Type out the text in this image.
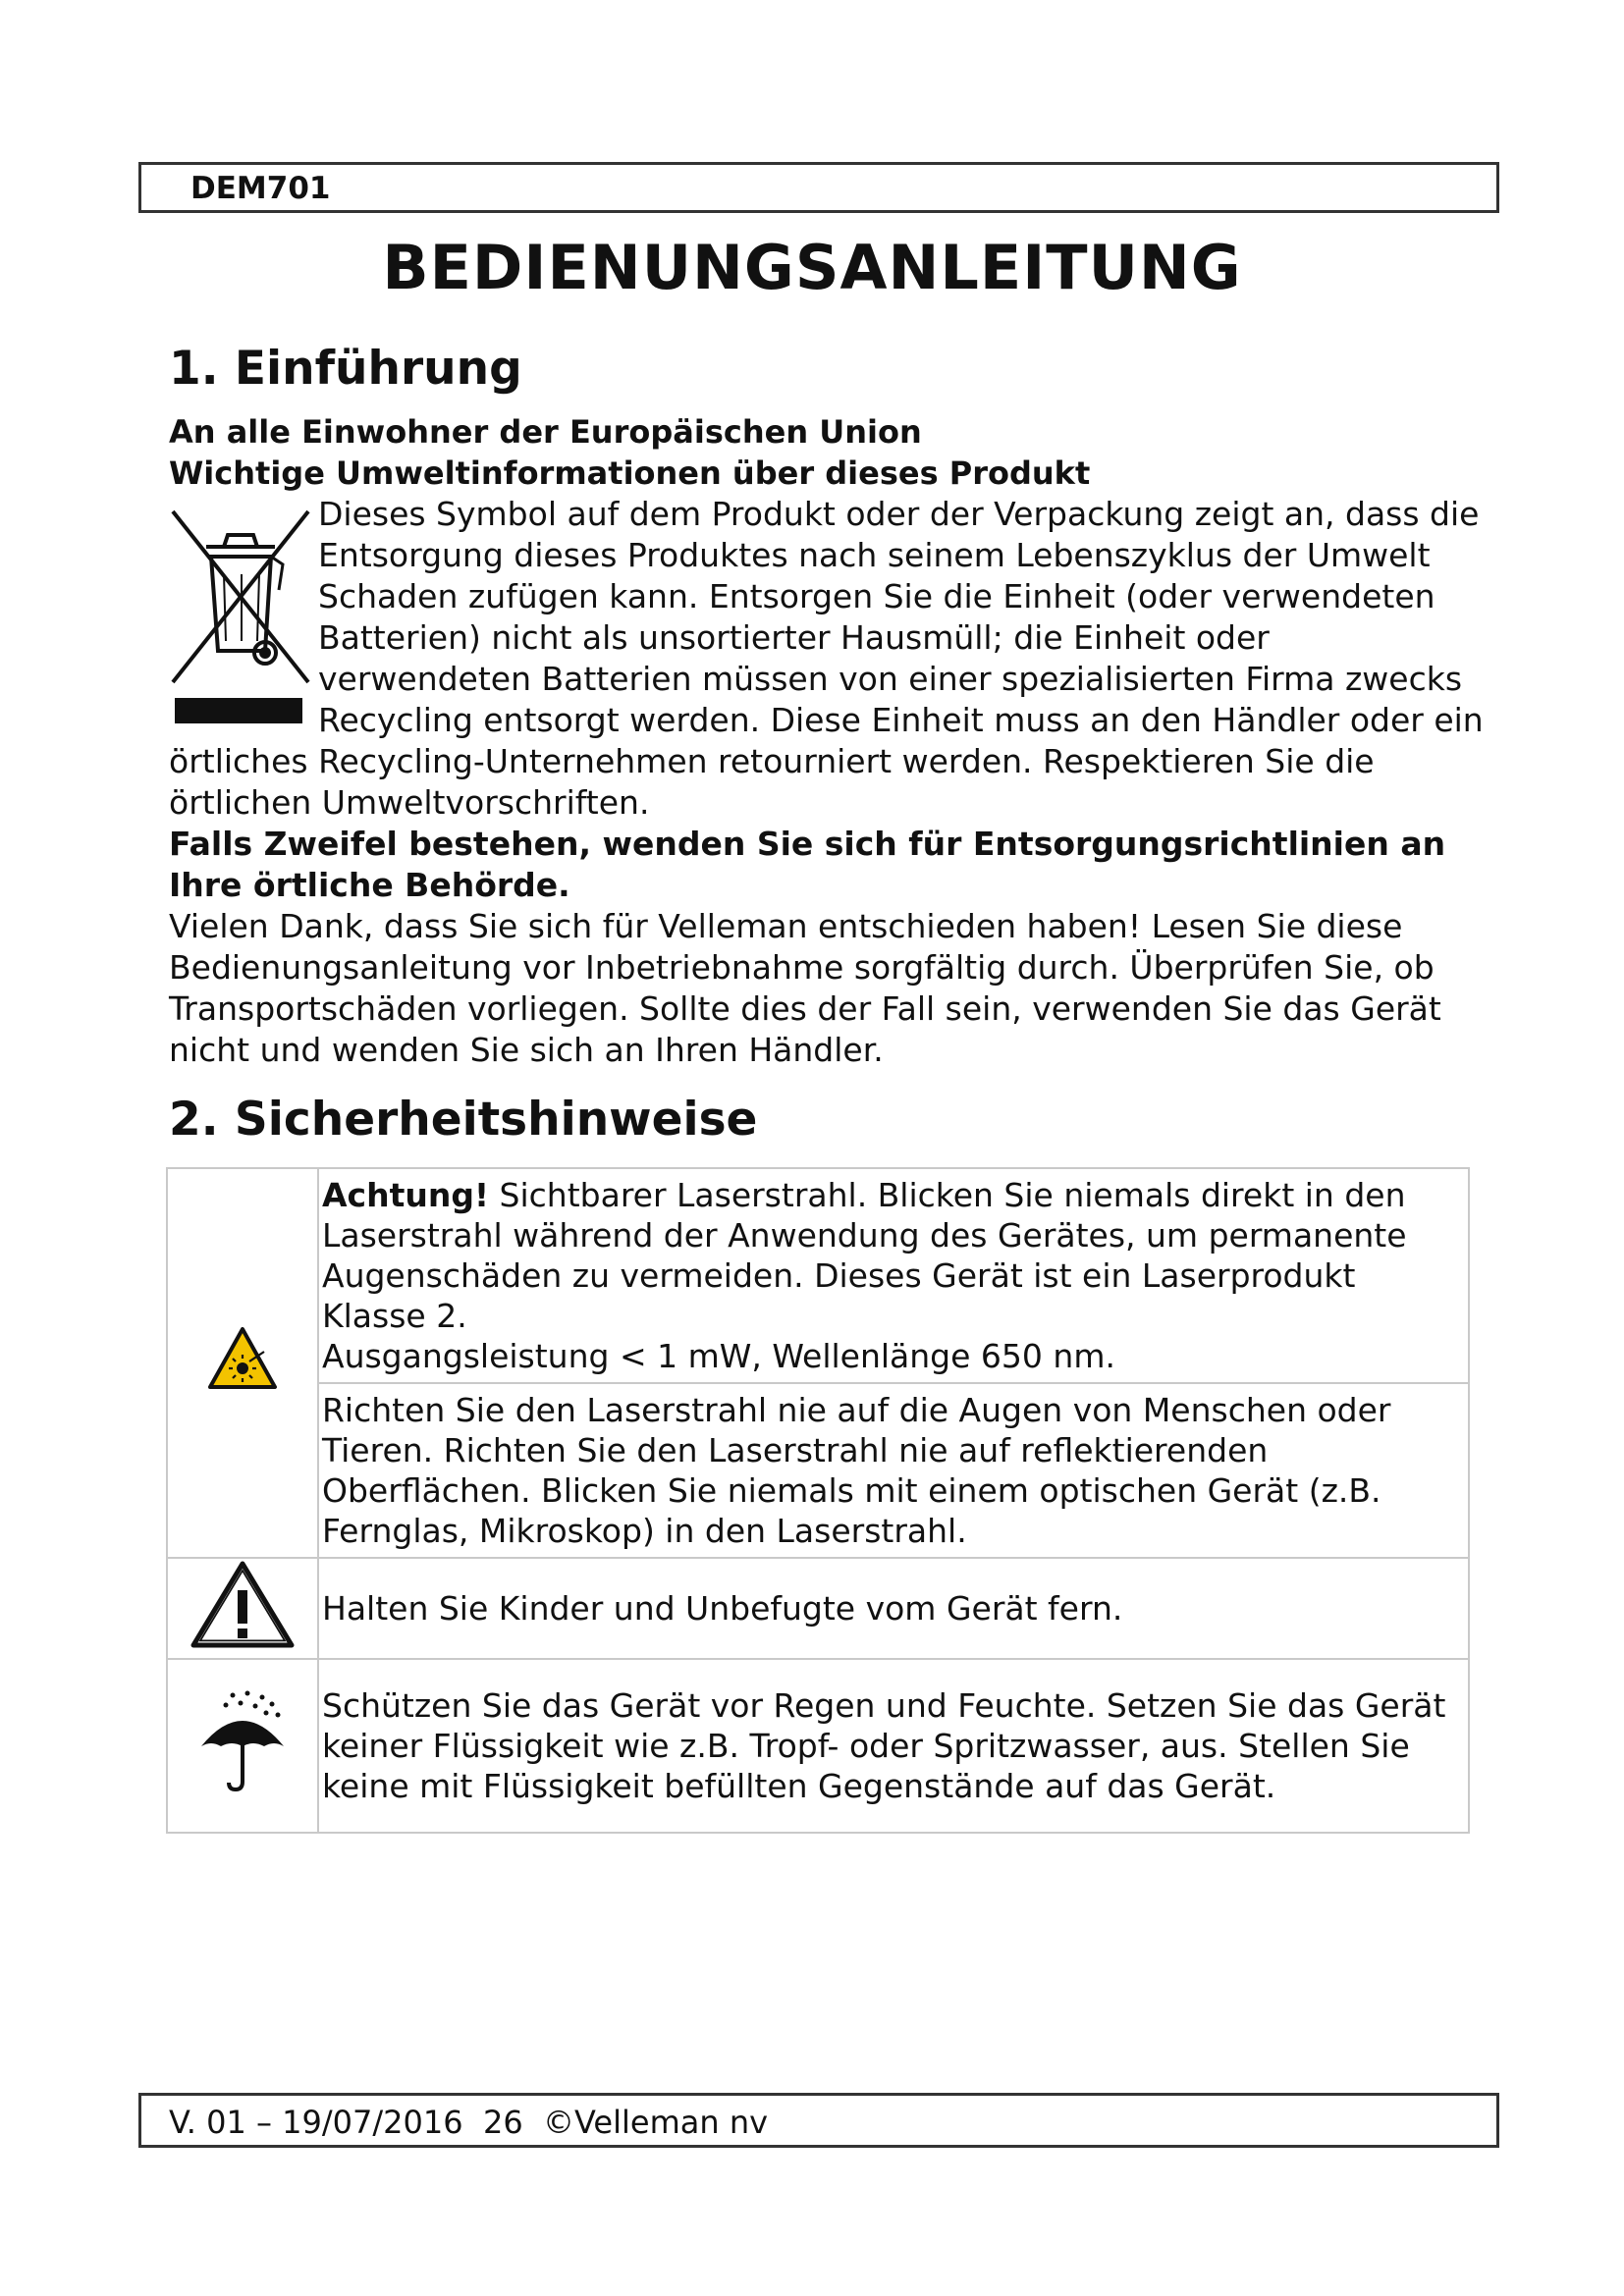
DEM701
BEDIENUNGSANLEITUNG
1. Einführung
An alle Einwohner der Europäischen Union
Wichtige Umweltinformationen über dieses Produkt

Dieses Symbol auf dem Produkt oder der Verpackung zeigt an, dass die Entsorgung dieses Produktes nach seinem Lebenszyklus der Umwelt Schaden zufügen kann. Entsorgen Sie die Einheit (oder verwendeten Batterien) nicht als unsortierter Hausmüll; die Einheit oder verwendeten Batterien müssen von einer spezialisierten Firma zwecks Recycling entsorgt werden. Diese Einheit muss an den Händler oder ein örtliches Recycling-Unternehmen retourniert werden. Respektieren Sie die örtlichen Umweltvorschriften.

Falls Zweifel bestehen, wenden Sie sich für Entsorgungsrichtlinien an Ihre örtliche Behörde.

Vielen Dank, dass Sie sich für Velleman entschieden haben! Lesen Sie diese Bedienungsanleitung vor Inbetriebnahme sorgfältig durch. Überprüfen Sie, ob Transportschäden vorliegen. Sollte dies der Fall sein, verwenden Sie das Gerät nicht und wenden Sie sich an Ihren Händler.

2. Sicherheitshinweise
	Achtung! Sichtbarer Laserstrahl. Blicken Sie niemals direkt in den Laserstrahl während der Anwendung des Gerätes, um permanente Augenschäden zu vermeiden. Dieses Gerät ist ein Laserprodukt Klasse 2.
Ausgangsleistung < 1 mW, Wellenlänge 650 nm.
	Richten Sie den Laserstrahl nie auf die Augen von Menschen oder Tieren. Richten Sie den Laserstrahl nie auf reflektierenden Oberflächen. Blicken Sie niemals mit einem optischen Gerät (z.B. Fernglas, Mikroskop) in den Laserstrahl.
	Halten Sie Kinder und Unbefugte vom Gerät fern.
	Schützen Sie das Gerät vor Regen und Feuchte. Setzen Sie das Gerät keiner Flüssigkeit wie z.B. Tropf- oder Spritzwasser, aus. Stellen Sie keine mit Flüssigkeit befüllten Gegenstände auf das Gerät.
V. 01 – 19/07/2016  26  ©Velleman nv
